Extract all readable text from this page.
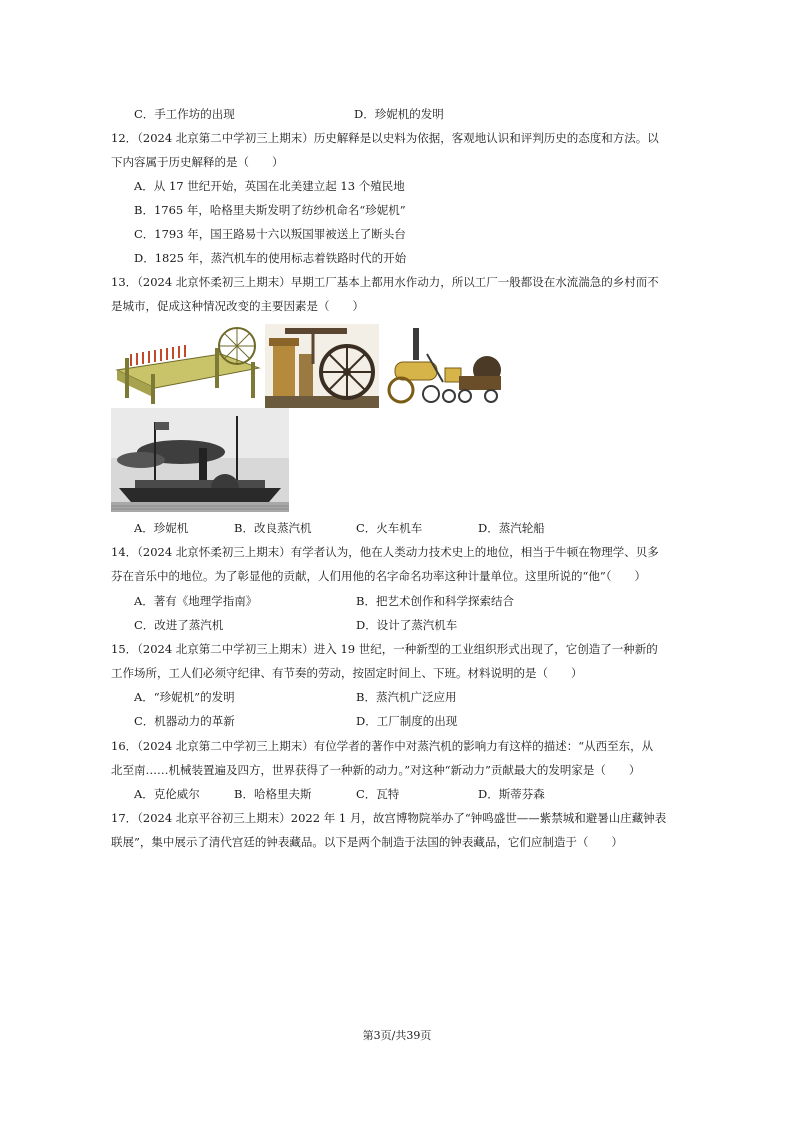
C．手工作坊的出现	D．珍妮机的发明
12．（2024 北京第二中学初三上期末）历史解释是以史料为依据，客观地认识和评判历史的态度和方法。以
下内容属于历史解释的是（　　）
A．从 17 世纪开始，英国在北美建立起 13 个殖民地
B．1765 年，哈格里夫斯发明了纺纱机命名“珍妮机”
C．1793 年，国王路易十六以叛国罪被送上了断头台
D．1825 年，蒸汽机车的使用标志着铁路时代的开始
13．（2024 北京怀柔初三上期末）早期工厂基本上都用水作动力，所以工厂一般都设在水流湍急的乡村而不
是城市，促成这种情况改变的主要因素是（　　）
A．珍妮机	B．改良蒸汽机	C．火车机车	D．蒸汽轮船
14．（2024 北京怀柔初三上期末）有学者认为，他在人类动力技术史上的地位，相当于牛顿在物理学、贝多
芬在音乐中的地位。为了彰显他的贡献，人们用他的名字命名功率这种计量单位。这里所说的“他”（　　）
A．著有《地理学指南》	B．把艺术创作和科学探索结合
C．改进了蒸汽机	D．设计了蒸汽机车
15．（2024 北京第二中学初三上期末）进入 19 世纪，一种新型的工业组织形式出现了，它创造了一种新的
工作场所，工人们必须守纪律、有节奏的劳动，按固定时间上、下班。材料说明的是（　　）
A．“珍妮机”的发明	B．蒸汽机广泛应用
C．机器动力的革新	D．工厂制度的出现
16．（2024 北京第二中学初三上期末）有位学者的著作中对蒸汽机的影响力有这样的描述：“从西至东，从
北至南……机械装置遍及四方，世界获得了一种新的动力。”对这种“新动力”贡献最大的发明家是（　　）
A．克伦威尔	B．哈格里夫斯	C．瓦特	D．斯蒂芬森
17．（2024 北京平谷初三上期末）2022 年 1 月，故宫博物院举办了“钟鸣盛世——紫禁城和避暑山庄藏钟表
联展”，集中展示了清代宫廷的钟表藏品。以下是两个制造于法国的钟表藏品，它们应制造于（　　）
第3页/共39页
